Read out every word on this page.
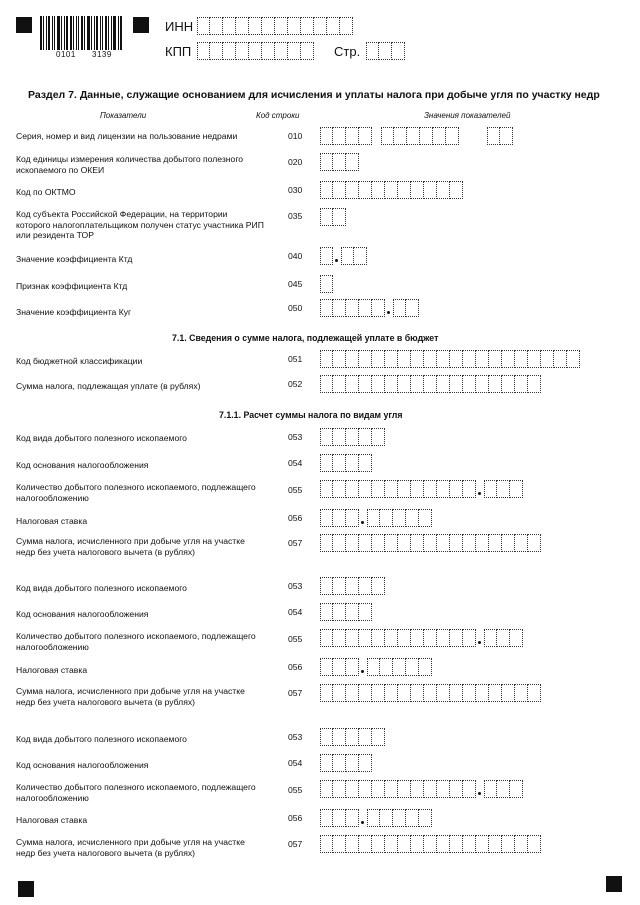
0101 3139
ИНН
КПП	Стр.
Раздел 7. Данные, служащие основанием для исчисления и уплаты налога при добыче угля по участку недр
Показатели	Код строки	Значения показателей
Серия, номер и вид лицензии на пользование недрами	010
Код единицы измерения количества добытого полезного ископаемого по ОКЕИ
020
Код по ОКТМО	030
Код субъекта Российской Федерации, на территории которого налогоплательщиком получен статус участника РИП или резидента ТОР
035
Значение коэффициента Ктд	040
Признак коэффициента Ктд	045
Значение коэффициента Куг	050
7.1. Сведения о сумме налога, подлежащей уплате в бюджет
Код бюджетной классификации	051
Сумма налога, подлежащая уплате (в рублях)	052
7.1.1. Расчет суммы налога по видам угля
Код вида добытого полезного ископаемого	053
Код основания налогообложения	054
Количество добытого полезного ископаемого, подлежащего налогообложению
055
Налоговая ставка	056
Сумма налога, исчисленного при добыче угля на участке недр без учета налогового вычета (в рублях)
057
Код вида добытого полезного ископаемого	053
Код основания налогообложения	054
Количество добытого полезного ископаемого, подлежащего налогообложению
055
Налоговая ставка	056
Сумма налога, исчисленного при добыче угля на участке недр без учета налогового вычета (в рублях)
057
Код вида добытого полезного ископаемого	053
Код основания налогообложения	054
Количество добытого полезного ископаемого, подлежащего налогообложению
055
Налоговая ставка	056
Сумма налога, исчисленного при добыче угля на участке недр без учета налогового вычета (в рублях)
057
